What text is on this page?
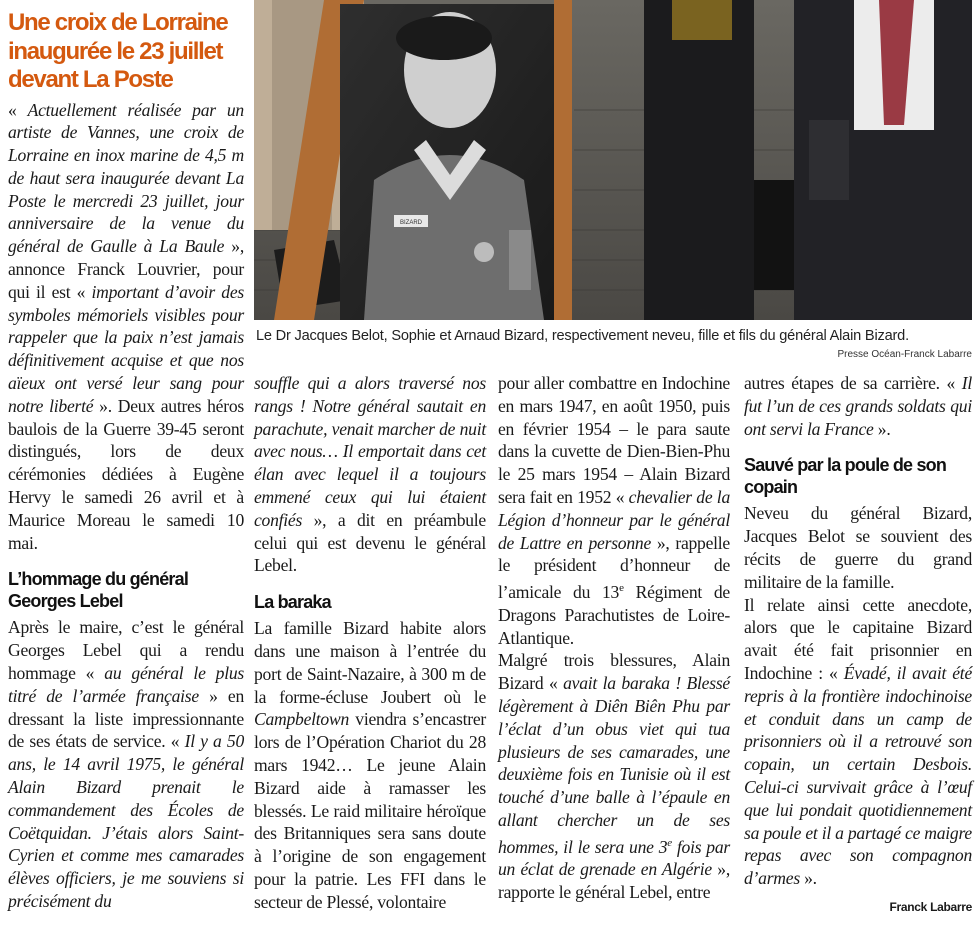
BIZARD
Le Dr Jacques Belot, Sophie et Arnaud Bizard, respectivement neveu, fille et fils du général Alain Bizard.
Presse Océan-Franck Labarre
Une croix de Lorraine inaugurée le 23 juillet devant La Poste

« Actuellement réalisée par un artiste de Vannes, une croix de Lorraine en inox marine de 4,5 m de haut sera inaugurée devant La Poste le mercredi 23 juillet, jour anniversaire de la venue du général de Gaulle à La Baule », annonce Franck Louvrier, pour qui il est « important d’avoir des symboles mémoriels visibles pour rappeler que la paix n’est jamais définitivement acquise et que nos aïeux ont versé leur sang pour notre liberté ». Deux autres héros baulois de la Guerre 39-45 seront distingués, lors de deux cérémonies dédiées à Eugène Hervy le samedi 26 avril et à Maurice Moreau le samedi 10 mai.

L’hommage du général Georges Lebel

Après le maire, c’est le général Georges Lebel qui a rendu hommage « au général le plus titré de l’armée française » en dressant la liste impressionnante de ses états de service. « Il y a 50 ans, le 14 avril 1975, le général Alain Bizard prenait le commandement des Écoles de Coëtquidan. J’étais alors Saint-Cyrien et comme mes camarades élèves officiers, je me souviens si précisément du

souffle qui a alors traversé nos rangs ! Notre général sautait en parachute, venait marcher de nuit avec nous… Il emportait dans cet élan avec lequel il a toujours emmené ceux qui lui étaient confiés », a dit en préambule celui qui est devenu le général Lebel.

La baraka

La famille Bizard habite alors dans une maison à l’entrée du port de Saint-Nazaire, à 300 m de la forme-écluse Joubert où le Campbeltown viendra s’encastrer lors de l’Opération Chariot du 28 mars 1942… Le jeune Alain Bizard aide à ramasser les blessés. Le raid militaire héroïque des Britanniques sera sans doute à l’origine de son engagement pour la patrie. Les FFI dans le secteur de Plessé, volontaire

pour aller combattre en Indochine en mars 1947, en août 1950, puis en février 1954 – le para saute dans la cuvette de Dien-Bien-Phu le 25 mars 1954 – Alain Bizard sera fait en 1952 « chevalier de la Légion d’honneur par le général de Lattre en personne », rappelle le président d’honneur de l’amicale du 13e Régiment de Dragons Parachutistes de Loire-Atlantique.

Malgré trois blessures, Alain Bizard « avait la baraka ! Blessé légèrement à Diên Biên Phu par l’éclat d’un obus viet qui tua plusieurs de ses camarades, une deuxième fois en Tunisie où il est touché d’une balle à l’épaule en allant chercher un de ses hommes, il le sera une 3e fois par un éclat de grenade en Algérie », rapporte le général Lebel, entre

autres étapes de sa carrière. « Il fut l’un de ces grands soldats qui ont servi la France ».

Sauvé par la poule de son copain

Neveu du général Bizard, Jacques Belot se souvient des récits de guerre du grand militaire de la famille.

Il relate ainsi cette anecdote, alors que le capitaine Bizard avait été fait prisonnier en Indochine : « Évadé, il avait été repris à la frontière indochinoise et conduit dans un camp de prisonniers où il a retrouvé son copain, un certain Desbois. Celui-ci survivait grâce à l’œuf que lui pondait quotidiennement sa poule et il a partagé ce maigre repas avec son compagnon d’armes ».

Franck Labarre
